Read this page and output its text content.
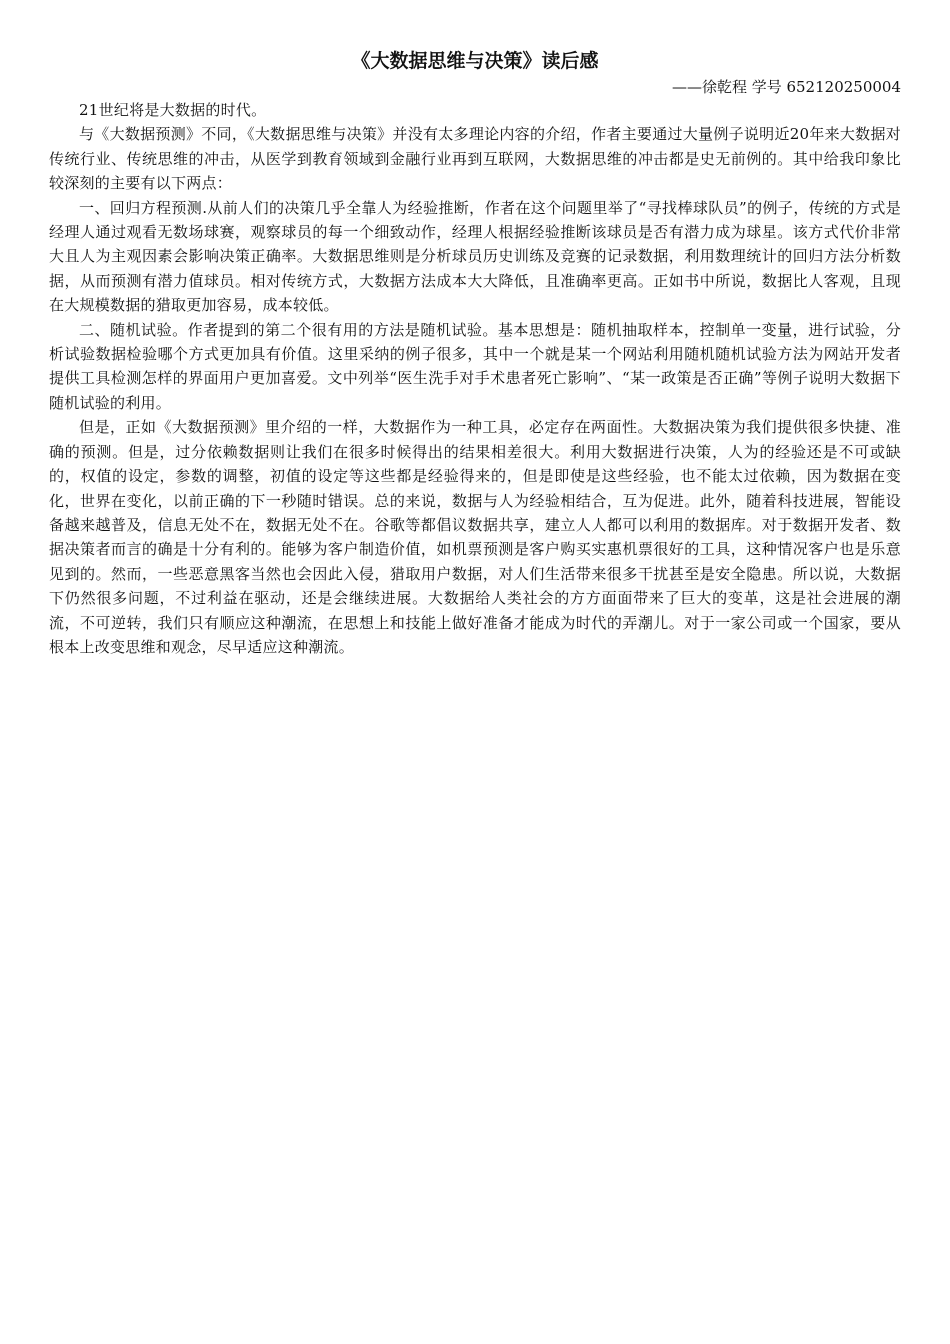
《大数据思维与决策》读后感

——徐乾程 学号 652120250004

21世纪将是大数据的时代。

与《大数据预测》不同，《大数据思维与决策》并没有太多理论内容的介绍，作者主要通过大量例子说明近20年来大数据对传统行业、传统思维的冲击，从医学到教育领域到金融行业再到互联网，大数据思维的冲击都是史无前例的。其中给我印象比较深刻的主要有以下两点：

一、回归方程预测.从前人们的决策几乎全靠人为经验推断，作者在这个问题里举了“寻找棒球队员”的例子，传统的方式是经理人通过观看无数场球赛，观察球员的每一个细致动作，经理人根据经验推断该球员是否有潜力成为球星。该方式代价非常大且人为主观因素会影响决策正确率。大数据思维则是分析球员历史训练及竞赛的记录数据，利用数理统计的回归方法分析数据，从而预测有潜力值球员。相对传统方式，大数据方法成本大大降低，且准确率更高。正如书中所说，数据比人客观，且现在大规模数据的猎取更加容易，成本较低。

二、随机试验。作者提到的第二个很有用的方法是随机试验。基本思想是：随机抽取样本，控制单一变量，进行试验，分析试验数据检验哪个方式更加具有价值。这里采纳的例子很多，其中一个就是某一个网站利用随机随机试验方法为网站开发者提供工具检测怎样的界面用户更加喜爱。文中列举“医生洗手对手术患者死亡影响”、“某一政策是否正确”等例子说明大数据下随机试验的利用。

但是，正如《大数据预测》里介绍的一样，大数据作为一种工具，必定存在两面性。大数据决策为我们提供很多快捷、准确的预测。但是，过分依赖数据则让我们在很多时候得出的结果相差很大。利用大数据进行决策，人为的经验还是不可或缺的，权值的设定，参数的调整，初值的设定等这些都是经验得来的，但是即使是这些经验，也不能太过依赖，因为数据在变化，世界在变化，以前正确的下一秒随时错误。总的来说，数据与人为经验相结合，互为促进。此外，随着科技进展，智能设备越来越普及，信息无处不在，数据无处不在。谷歌等都倡议数据共享，建立人人都可以利用的数据库。对于数据开发者、数据决策者而言的确是十分有利的。能够为客户制造价值，如机票预测是客户购买实惠机票很好的工具，这种情况客户也是乐意见到的。然而，一些恶意黑客当然也会因此入侵，猎取用户数据，对人们生活带来很多干扰甚至是安全隐患。所以说，大数据下仍然很多问题，不过利益在驱动，还是会继续进展。大数据给人类社会的方方面面带来了巨大的变革，这是社会进展的潮流，不可逆转，我们只有顺应这种潮流，在思想上和技能上做好准备才能成为时代的弄潮儿。对于一家公司或一个国家，要从根本上改变思维和观念，尽早适应这种潮流。
